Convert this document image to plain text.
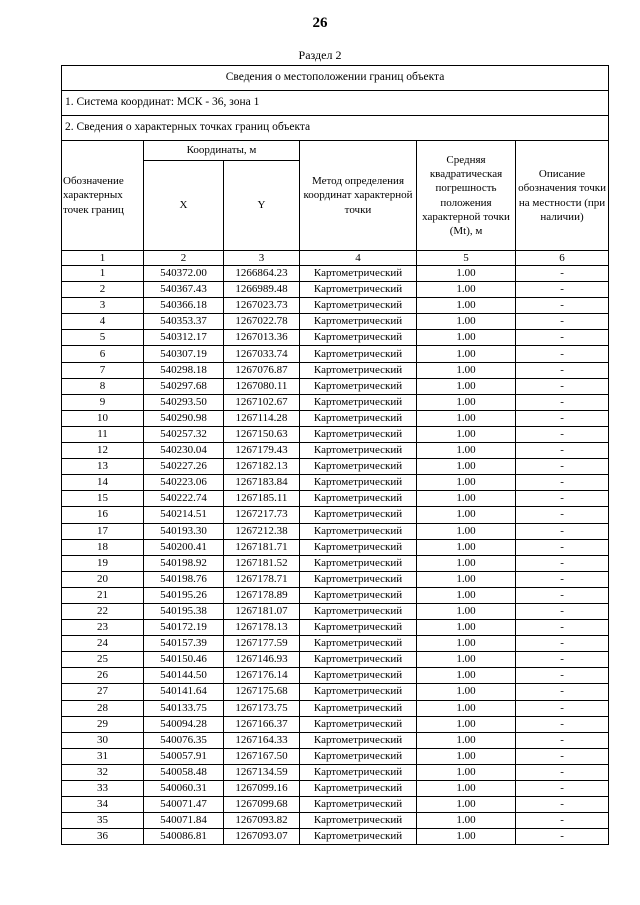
26
Раздел 2
Сведения о местоположении границ объекта					
1. Система координат: МСК - 36, зона 1					
2. Сведения о характерных точках границ объекта					
Обозначение характерных точек границ	Координаты, м		Метод определения координат характерной точки	Средняя квадратическая погрешность положения характерной точки (Mt), м	Описание обозначения точки на местности (при наличии)
	X	Y			
1	2	3	4	5	6
1	540372.00	1266864.23	Картометрический	1.00	-
2	540367.43	1266989.48	Картометрический	1.00	-
3	540366.18	1267023.73	Картометрический	1.00	-
4	540353.37	1267022.78	Картометрический	1.00	-
5	540312.17	1267013.36	Картометрический	1.00	-
6	540307.19	1267033.74	Картометрический	1.00	-
7	540298.18	1267076.87	Картометрический	1.00	-
8	540297.68	1267080.11	Картометрический	1.00	-
9	540293.50	1267102.67	Картометрический	1.00	-
10	540290.98	1267114.28	Картометрический	1.00	-
11	540257.32	1267150.63	Картометрический	1.00	-
12	540230.04	1267179.43	Картометрический	1.00	-
13	540227.26	1267182.13	Картометрический	1.00	-
14	540223.06	1267183.84	Картометрический	1.00	-
15	540222.74	1267185.11	Картометрический	1.00	-
16	540214.51	1267217.73	Картометрический	1.00	-
17	540193.30	1267212.38	Картометрический	1.00	-
18	540200.41	1267181.71	Картометрический	1.00	-
19	540198.92	1267181.52	Картометрический	1.00	-
20	540198.76	1267178.71	Картометрический	1.00	-
21	540195.26	1267178.89	Картометрический	1.00	-
22	540195.38	1267181.07	Картометрический	1.00	-
23	540172.19	1267178.13	Картометрический	1.00	-
24	540157.39	1267177.59	Картометрический	1.00	-
25	540150.46	1267146.93	Картометрический	1.00	-
26	540144.50	1267176.14	Картометрический	1.00	-
27	540141.64	1267175.68	Картометрический	1.00	-
28	540133.75	1267173.75	Картометрический	1.00	-
29	540094.28	1267166.37	Картометрический	1.00	-
30	540076.35	1267164.33	Картометрический	1.00	-
31	540057.91	1267167.50	Картометрический	1.00	-
32	540058.48	1267134.59	Картометрический	1.00	-
33	540060.31	1267099.16	Картометрический	1.00	-
34	540071.47	1267099.68	Картометрический	1.00	-
35	540071.84	1267093.82	Картометрический	1.00	-
36	540086.81	1267093.07	Картометрический	1.00	-
